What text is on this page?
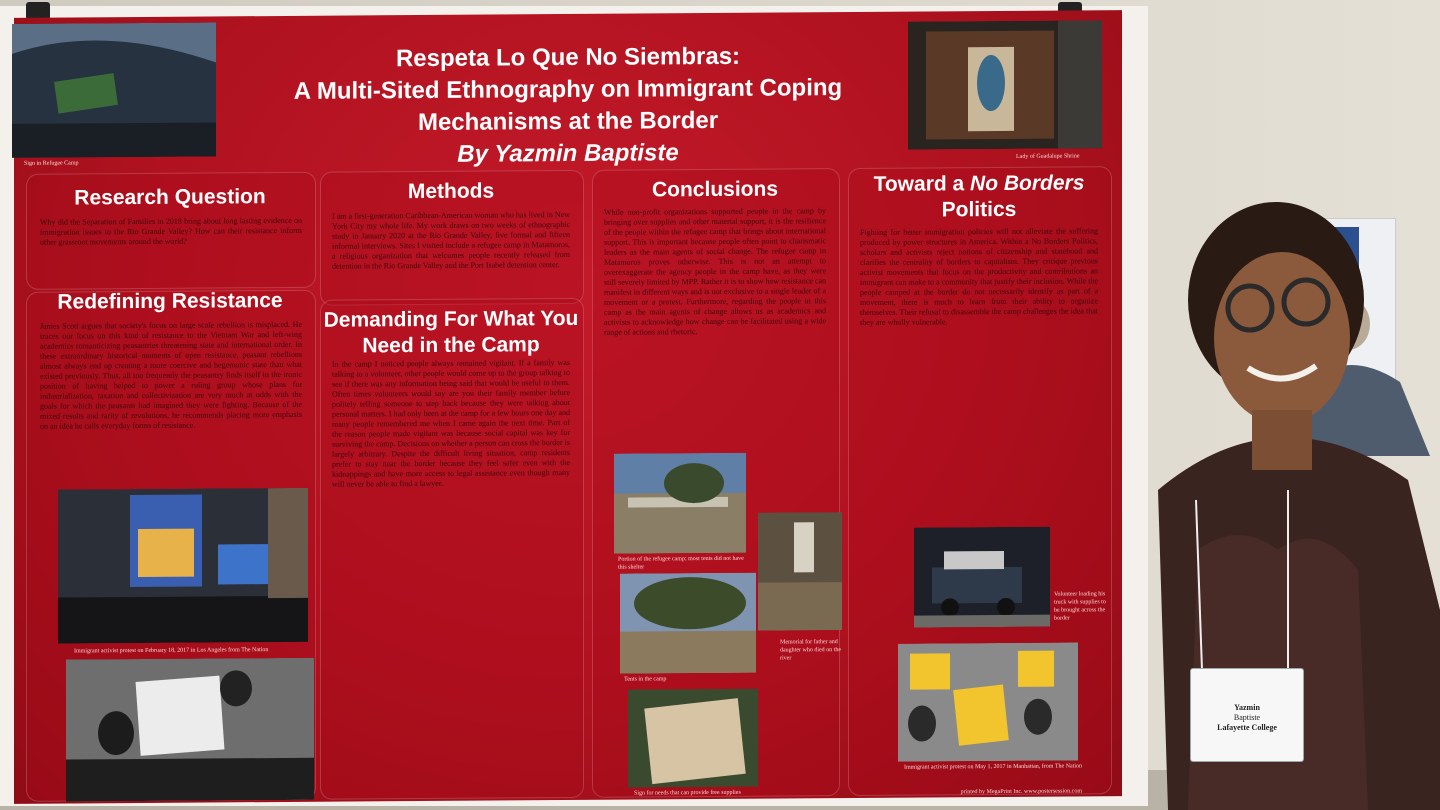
Respeta Lo Que No Siembras:
A Multi-Sited Ethnography on Immigrant Coping
Mechanisms at the Border
By Yazmin Baptiste
Sign in Refugee Camp
Lady of Guadalupe Shrine
Research Question
Why did the Separation of Families in 2018 bring about long lasting evidence on immigration issues to the Rio Grande Valley? How can their resistance inform other grassroot movements around the world?
Methods
I am a first-generation Caribbean-American woman who has lived in New York City my whole life. My work draws on two weeks of ethnographic study in January 2020 at the Rio Grande Valley, five formal and fifteen informal interviews. Sites I visited include a refugee camp in Matamoros, a religious organization that welcomes people recently released from detention in the Rio Grande Valley and the Port Isabel detention center.
Conclusions
While non-profit organizations supported people in the camp by bringing over supplies and other material support, it is the resilience of the people within the refugee camp that brings about international support. This is important because people often point to charismatic leaders as the main agents of social change. The refugee camp in Matamoros proves otherwise. This is not an attempt to overexaggerate the agency people in the camp have, as they were still severely limited by MPP. Rather it is to show how resistance can manifest in different ways and is not exclusive to a single leader of a movement or a protest. Furthermore, regarding the people in this camp as the main agents of change allows us as academics and activists to acknowledge how change can be facilitated using a wide range of actions and rhetoric.
Toward a No Borders
Politics
Fighting for better immigration policies will not alleviate the suffering produced by power structures in America. Within a No Borders Politics, scholars and activists reject notions of citizenship and statehood and clarifies the centrality of borders to capitalism. They critique previous activist movements that focus on the productivity and contributions an immigrant can make to a community that justify their inclusion. While the people camped at the border do not necessarily identify as part of a movement, there is much to learn from their ability to organize themselves. Their refusal to disassemble the camp challenges the idea that they are wholly vulnerable.
Redefining Resistance
James Scott argues that society's focus on large scale rebellion is misplaced. He traces our focus on this kind of resistance to the Vietnam War and left-wing academics romanticizing peasantries threatening state and international order. In these extraordinary historical moments of open resistance, peasant rebellions almost always end up creating a more coercive and hegemonic state than what existed previously. Thus, all too frequently the peasantry finds itself in the ironic position of having helped to power a ruling group whose plans for industrialization, taxation and collectivization are very much at odds with the goals for which the peasants had imagined they were fighting. Because of the mixed results and rarity of revolutions, he recommends placing more emphasis on an idea he calls everyday forms of resistance.
Demanding For What You Need in the Camp
In the camp I noticed people always remained vigilant. If a family was talking to a volunteer, other people would come up to the group talking to see if there was any information being said that would be useful to them. Often times volunteers would say are you their family member before politely telling someone to step back because they were talking about personal matters. I had only been at the camp for a few hours one day and many people remembered me when I came again the next time. Part of the reason people made vigilant was because social capital was key for surviving the camp. Decisions on whether a person can cross the border is largely arbitrary. Despite the difficult living situation, camp residents prefer to stay near the border because they feel safer even with the kidnappings and have more access to legal assistance even though many will never be able to find a lawyer.
Immigrant activist protest on February 18, 2017 in Los Angeles from The Nation
Portion of the refugee camp; most tents did not have this shelter
Memorial for father and daughter who died on the river
Tents in the camp
Sign for needs that can provide free supplies
Volunteer loading his truck with supplies to be brought across the border
Immigrant activist protest on May 1, 2017 in Manhattan, from The Nation
printed by MegaPrint Inc. www.postersession.com
Yazmin
Baptiste
Lafayette College
